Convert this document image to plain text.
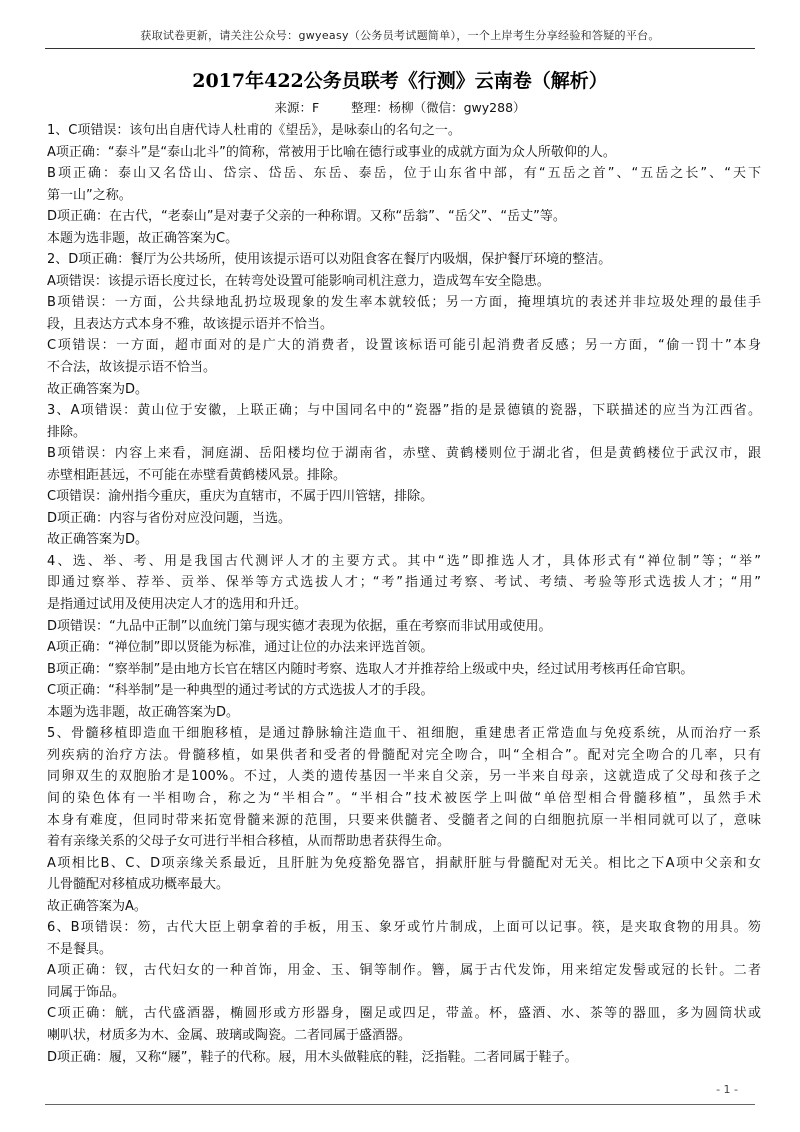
获取试卷更新，请关注公众号：gwyeasy（公务员考试题简单），一个上岸考生分享经验和答疑的平台。
2017年422公务员联考《行测》云南卷（解析）
来源：F	整理：杨柳（微信：gwy288）
1、C项错误：该句出自唐代诗人杜甫的《望岳》，是咏泰山的名句之一。
A项正确：“泰斗”是“泰山北斗”的简称，常被用于比喻在德行或事业的成就方面为众人所敬仰的人。
B项正确：泰山又名岱山、岱宗、岱岳、东岳、泰岳，位于山东省中部，有“五岳之首”、“五岳之长”、“天下
第一山”之称。
D项正确：在古代，“老泰山”是对妻子父亲的一种称谓。又称“岳翁”、“岳父”、“岳丈”等。
本题为选非题，故正确答案为C。
2、D项正确：餐厅为公共场所，使用该提示语可以劝阻食客在餐厅内吸烟，保护餐厅环境的整洁。
A项错误：该提示语长度过长，在转弯处设置可能影响司机注意力，造成驾车安全隐患。
B项错误：一方面，公共绿地乱扔垃圾现象的发生率本就较低；另一方面，掩埋填坑的表述并非垃圾处理的最佳手
段，且表达方式本身不雅，故该提示语并不恰当。
C项错误：一方面，超市面对的是广大的消费者，设置该标语可能引起消费者反感；另一方面，“偷一罚十”本身
不合法，故该提示语不恰当。
故正确答案为D。
3、A项错误：黄山位于安徽，上联正确；与中国同名中的“瓷器”指的是景德镇的瓷器，下联描述的应当为江西省。
排除。
B项错误：内容上来看，洞庭湖、岳阳楼均位于湖南省，赤壁、黄鹤楼则位于湖北省，但是黄鹤楼位于武汉市，跟
赤壁相距甚远，不可能在赤壁看黄鹤楼风景。排除。
C项错误：渝州指今重庆，重庆为直辖市，不属于四川管辖，排除。
D项正确：内容与省份对应没问题，当选。
故正确答案为D。
4、选、举、考、用是我国古代测评人才的主要方式。其中“选”即推选人才，具体形式有“禅位制”等；“举”
即通过察举、荐举、贡举、保举等方式选拔人才；“考”指通过考察、考试、考绩、考验等形式选拔人才；“用”
是指通过试用及使用决定人才的选用和升迁。
D项错误：“九品中正制”以血统门第与现实德才表现为依据，重在考察而非试用或使用。
A项正确：“禅位制”即以贤能为标准，通过让位的办法来评选首领。
B项正确：“察举制”是由地方长官在辖区内随时考察、选取人才并推荐给上级或中央，经过试用考核再任命官职。
C项正确：“科举制”是一种典型的通过考试的方式选拔人才的手段。
本题为选非题，故正确答案为D。
5、骨髓移植即造血干细胞移植，是通过静脉输注造血干、祖细胞，重建患者正常造血与免疫系统，从而治疗一系
列疾病的治疗方法。骨髓移植，如果供者和受者的骨髓配对完全吻合，叫“全相合”。配对完全吻合的几率，只有
同卵双生的双胞胎才是100%。不过，人类的遗传基因一半来自父亲，另一半来自母亲，这就造成了父母和孩子之
间的染色体有一半相吻合，称之为“半相合”。“半相合”技术被医学上叫做“单倍型相合骨髓移植”，虽然手术
本身有难度，但同时带来拓宽骨髓来源的范围，只要来供髓者、受髓者之间的白细胞抗原一半相同就可以了，意味
着有亲缘关系的父母子女可进行半相合移植，从而帮助患者获得生命。
A项相比B、C、D项亲缘关系最近，且肝脏为免疫豁免器官，捐献肝脏与骨髓配对无关。相比之下A项中父亲和女
儿骨髓配对移植成功概率最大。
故正确答案为A。
6、B项错误：笏，古代大臣上朝拿着的手板，用玉、象牙或竹片制成，上面可以记事。筷，是夹取食物的用具。笏
不是餐具。
A项正确：钗，古代妇女的一种首饰，用金、玉、铜等制作。簪，属于古代发饰，用来绾定发髻或冠的长针。二者
同属于饰品。
C项正确：觥，古代盛酒器，椭圆形或方形器身，圈足或四足，带盖。杯，盛酒、水、茶等的器皿，多为圆筒状或
喇叭状，材质多为木、金属、玻璃或陶瓷。二者同属于盛酒器。
D项正确：履，又称“屦”，鞋子的代称。屐，用木头做鞋底的鞋，泛指鞋。二者同属于鞋子。
- 1 -
